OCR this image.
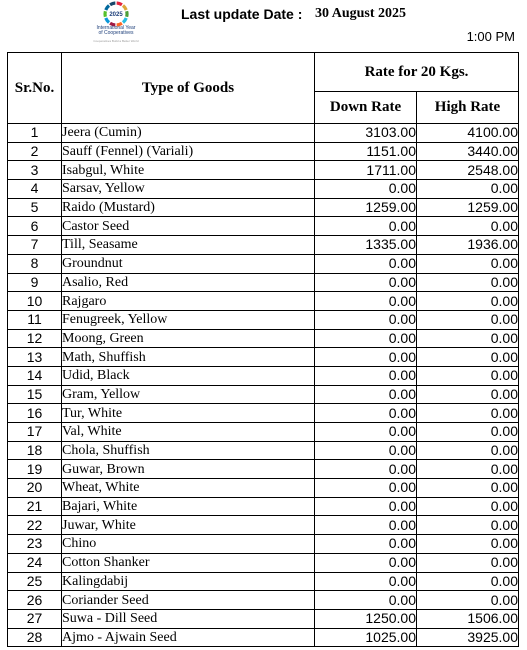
2025
International Year
of Cooperatives
Cooperatives Build a Better World
Last update Date : 30 August 2025
1:00 PM
Sr.No.	Type of Goods	Rate for 20 Kgs.	
		Down Rate	High Rate
1	Jeera (Cumin)	3103.00	4100.00
2	Sauff (Fennel) (Variali)	1151.00	3440.00
3	Isabgul, White	1711.00	2548.00
4	Sarsav, Yellow	0.00	0.00
5	Raido (Mustard)	1259.00	1259.00
6	Castor Seed	0.00	0.00
7	Till, Seasame	1335.00	1936.00
8	Groundnut	0.00	0.00
9	Asalio, Red	0.00	0.00
10	Rajgaro	0.00	0.00
11	Fenugreek, Yellow	0.00	0.00
12	Moong, Green	0.00	0.00
13	Math, Shuffish	0.00	0.00
14	Udid, Black	0.00	0.00
15	Gram, Yellow	0.00	0.00
16	Tur, White	0.00	0.00
17	Val, White	0.00	0.00
18	Chola, Shuffish	0.00	0.00
19	Guwar, Brown	0.00	0.00
20	Wheat, White	0.00	0.00
21	Bajari, White	0.00	0.00
22	Juwar, White	0.00	0.00
23	Chino	0.00	0.00
24	Cotton Shanker	0.00	0.00
25	Kalingdabij	0.00	0.00
26	Coriander Seed	0.00	0.00
27	Suwa - Dill Seed	1250.00	1506.00
28	Ajmo - Ajwain Seed	1025.00	3925.00
